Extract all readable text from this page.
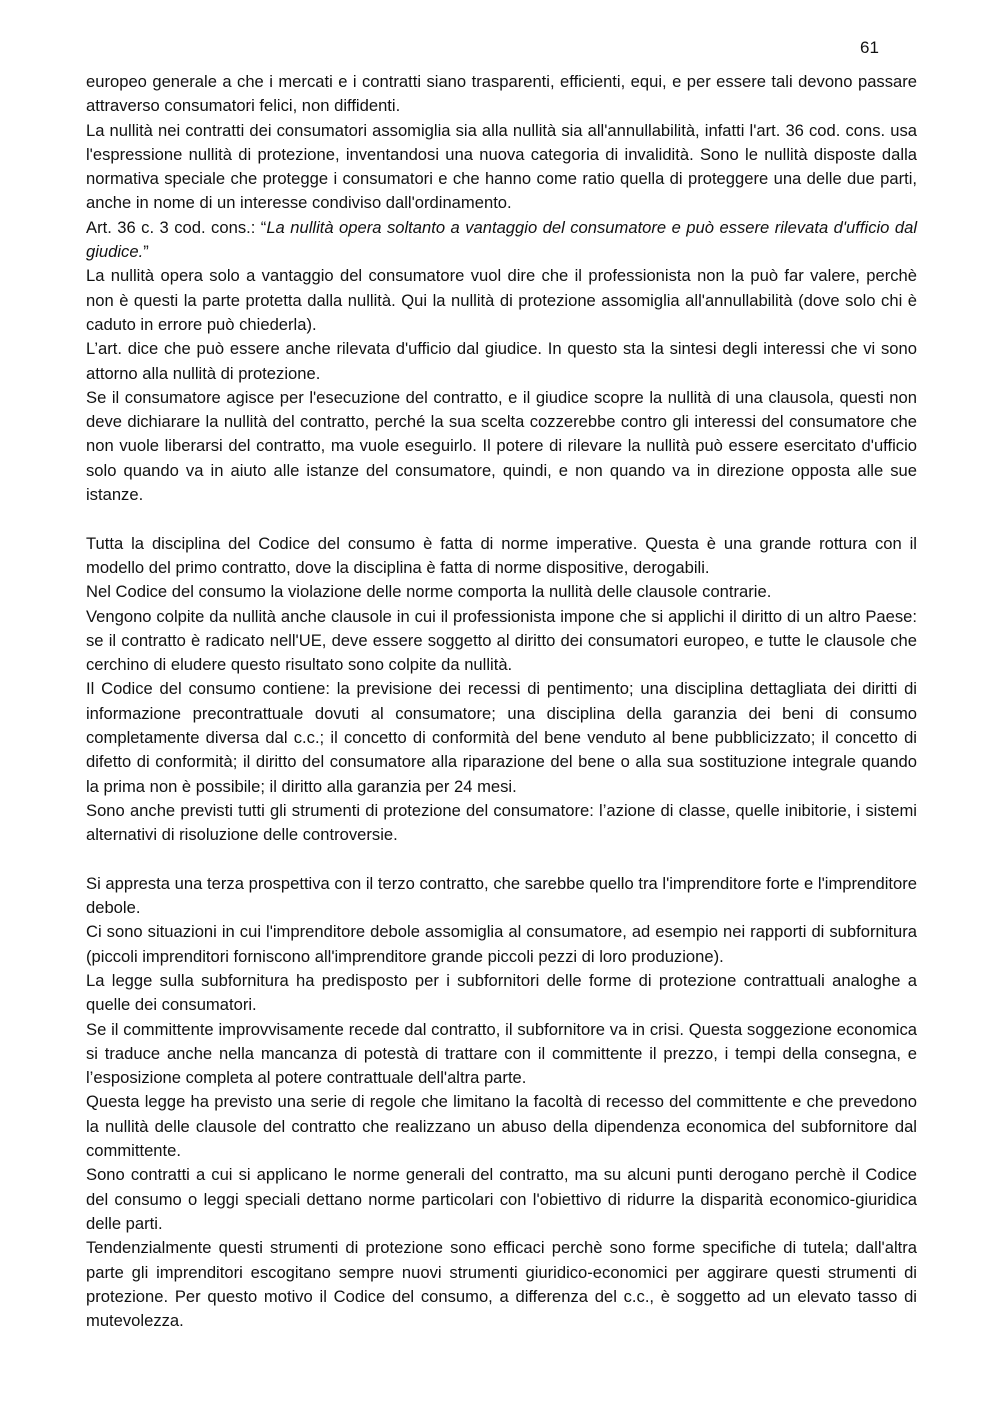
61

europeo generale a che i mercati e i contratti siano trasparenti, efficienti, equi, e per essere tali devono passare attraverso consumatori felici, non diffidenti.

La nullità nei contratti dei consumatori assomiglia sia alla nullità sia all'annullabilità, infatti l'art. 36 cod. cons. usa l'espressione nullità di protezione, inventandosi una nuova categoria di invalidità. Sono le nullità disposte dalla normativa speciale che protegge i consumatori e che hanno come ratio quella di proteggere una delle due parti, anche in nome di un interesse condiviso dall'ordinamento.

Art. 36 c. 3 cod. cons.: “La nullità opera soltanto a vantaggio del consumatore e può essere rilevata d'ufficio dal giudice.”

La nullità opera solo a vantaggio del consumatore vuol dire che il professionista non la può far valere, perchè non è questi la parte protetta dalla nullità. Qui la nullità di protezione assomiglia all'annullabilità (dove solo chi è caduto in errore può chiederla).

L’art. dice che può essere anche rilevata d'ufficio dal giudice. In questo sta la sintesi degli interessi che vi sono attorno alla nullità di protezione.

Se il consumatore agisce per l'esecuzione del contratto, e il giudice scopre la nullità di una clausola, questi non deve dichiarare la nullità del contratto, perché la sua scelta cozzerebbe contro gli interessi del consumatore che non vuole liberarsi del contratto, ma vuole eseguirlo. Il potere di rilevare la nullità può essere esercitato d'ufficio solo quando va in aiuto alle istanze del consumatore, quindi, e non quando va in direzione opposta alle sue istanze.

Tutta la disciplina del Codice del consumo è fatta di norme imperative. Questa è una grande rottura con il modello del primo contratto, dove la disciplina è fatta di norme dispositive, derogabili.

Nel Codice del consumo la violazione delle norme comporta la nullità delle clausole contrarie.

Vengono colpite da nullità anche clausole in cui il professionista impone che si applichi il diritto di un altro Paese: se il contratto è radicato nell'UE, deve essere soggetto al diritto dei consumatori europeo, e tutte le clausole che cerchino di eludere questo risultato sono colpite da nullità.

Il Codice del consumo contiene: la previsione dei recessi di pentimento; una disciplina dettagliata dei diritti di informazione precontrattuale dovuti al consumatore; una disciplina della garanzia dei beni di consumo completamente diversa dal c.c.; il concetto di conformità del bene venduto al bene pubblicizzato; il concetto di difetto di conformità; il diritto del consumatore alla riparazione del bene o alla sua sostituzione integrale quando la prima non è possibile; il diritto alla garanzia per 24 mesi.

Sono anche previsti tutti gli strumenti di protezione del consumatore: l’azione di classe, quelle inibitorie, i sistemi alternativi di risoluzione delle controversie.

Si appresta una terza prospettiva con il terzo contratto, che sarebbe quello tra l'imprenditore forte e l'imprenditore debole.

Ci sono situazioni in cui l'imprenditore debole assomiglia al consumatore, ad esempio nei rapporti di subfornitura (piccoli imprenditori forniscono all'imprenditore grande piccoli pezzi di loro produzione).

La legge sulla subfornitura ha predisposto per i subfornitori delle forme di protezione contrattuali analoghe a quelle dei consumatori.

Se il committente improvvisamente recede dal contratto, il subfornitore va in crisi. Questa soggezione economica si traduce anche nella mancanza di potestà di trattare con il committente il prezzo, i tempi della consegna, e l’esposizione completa al potere contrattuale dell'altra parte.

Questa legge ha previsto una serie di regole che limitano la facoltà di recesso del committente e che prevedono la nullità delle clausole del contratto che realizzano un abuso della dipendenza economica del subfornitore dal committente.

Sono contratti a cui si applicano le norme generali del contratto, ma su alcuni punti derogano perchè il Codice del consumo o leggi speciali dettano norme particolari con l'obiettivo di ridurre la disparità economico-giuridica delle parti.

Tendenzialmente questi strumenti di protezione sono efficaci perchè sono forme specifiche di tutela; dall'altra parte gli imprenditori escogitano sempre nuovi strumenti giuridico-economici per aggirare questi strumenti di protezione. Per questo motivo il Codice del consumo, a differenza del c.c., è soggetto ad un elevato tasso di mutevolezza.
